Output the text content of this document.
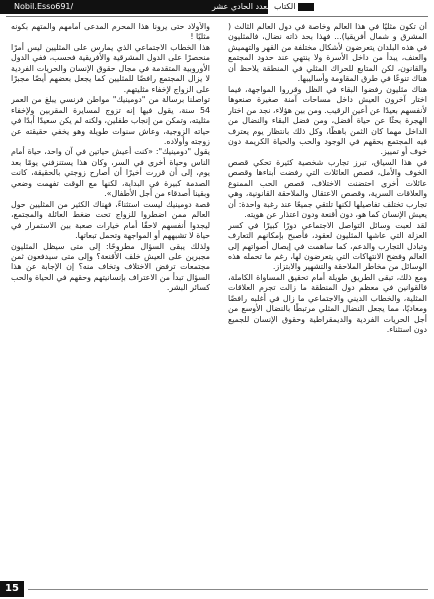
/Nobil.Esso691	العدد الحادي عشر الكتاب

أن تكون مثليًا في هذا العالم وخاصة في دول العالم الثالث ( المشرق و شمال أفريقيا)... فهذا بحد ذاته نضال، فالمثليون في هذه البلدان يتعرضون لأشكال مختلفة من القهر والتهميش والعنف، يبدأ من داخل الأسرة ولا ينتهي عند حدود المجتمع والقانون، لكن المتابع للحراك المثلي في المنطقة يلاحظ أن هناك تنوعًا في طرق المقاومة وأساليبها.

هناك مثليون رفضوا البقاء في الظل وقرروا المواجهة، فيما اختار آخرون العيش داخل مساحات آمنة صغيرة صنعوها لأنفسهم بعيدًا عن أعين الرقيب. ومن بين هؤلاء، نجد من اختار الهجرة بحثًا عن حياة أفضل، ومن فضل البقاء والنضال من الداخل مهما كان الثمن باهظًا، وكل ذلك بانتظار يوم يعترف فيه المجتمع بحقهم في الوجود والحب والحياة الكريمة دون خوف أو تمييز.

في هذا السياق، تبرز تجارب شخصية كثيرة تحكي قصص الخوف والأمل، قصص العائلات التي رفضت أبناءها وقصص عائلات أخرى احتضنت الاختلاف، قصص الحب الممنوع والعلاقات السرية، وقصص الاعتقال والملاحقة القانونية، وهي تجارب تختلف تفاصيلها لكنها تلتقي جميعًا عند رغبة واحدة: أن يعيش الإنسان كما هو، دون أقنعة ودون اعتذار عن هويته.

لقد لعبت وسائل التواصل الاجتماعي دورًا كبيرًا في كسر العزلة التي عاشها المثليون لعقود، فأصبح بإمكانهم التعارف وتبادل التجارب والدعم، كما ساهمت في إيصال أصواتهم إلى العالم وفضح الانتهاكات التي يتعرضون لها، رغم ما تحمله هذه الوسائل من مخاطر الملاحقة والتشهير والابتزاز.

ومع ذلك، تبقى الطريق طويلة أمام تحقيق المساواة الكاملة، فالقوانين في معظم دول المنطقة ما زالت تجرم العلاقات المثلية، والخطاب الديني والاجتماعي ما زال في أغلبه رافضًا ومعاديًا، مما يجعل النضال المثلي مرتبطًا بالنضال الأوسع من أجل الحريات الفردية والديمقراطية وحقوق الإنسان للجميع دون استثناء.

والأولاد حتى يرونا هذا المحرم المدعى أمامهم والمتهم بكونه مثليًا !

هذا الخطاب الاجتماعي الذي يمارس على المثليين ليس أمرًا منحصرًا على الدول المشرقية والأفريقية فحسب، ففي الدول الأوروبية المتقدمة في مجال حقوق الإنسان والحريات الفردية لا يزال المجتمع رافضًا للمثليين كما يجعل بعضهم أيضًا مجبرًا على الزواج لإخفاء مثليتهم.

تواصلنا برسالة من "دومينيك" مواطن فرنسي يبلغ من العمر 54 سنة، يقول فيها إنه تزوج لمسايرة المقربين ولإخفاء مثليته، وتمكن من إنجاب طفلين، ولكنه لم يكن سعيدًا أبدًا في حياته الزوجية، وعاش سنوات طويلة وهو يخفي حقيقته عن زوجته وأولاده.

يقول "دومينيك": «كنت أعيش حياتين في آن واحد، حياة أمام الناس وحياة أخرى في السر، وكان هذا يستنزفني يومًا بعد يوم، إلى أن قررت أخيرًا أن أصارح زوجتي بالحقيقة، كانت الصدمة كبيرة في البداية، لكنها مع الوقت تفهمت وضعي وبقينا أصدقاء من أجل الأطفال».

قصة دومينيك ليست استثناءً، فهناك الكثير من المثليين حول العالم ممن اضطروا للزواج تحت ضغط العائلة والمجتمع، ليجدوا أنفسهم لاحقًا أمام خيارات صعبة بين الاستمرار في حياة لا تشبههم أو المواجهة وتحمل تبعاتها.

ولذلك يبقى السؤال مطروحًا: إلى متى سيظل المثليون مجبرين على العيش خلف الأقنعة؟ وإلى متى سيدفعون ثمن مجتمعات ترفض الاختلاف وتخاف منه؟ إن الإجابة عن هذا السؤال تبدأ من الاعتراف بإنسانيتهم وحقهم في الحياة والحب كسائر البشر.

15
